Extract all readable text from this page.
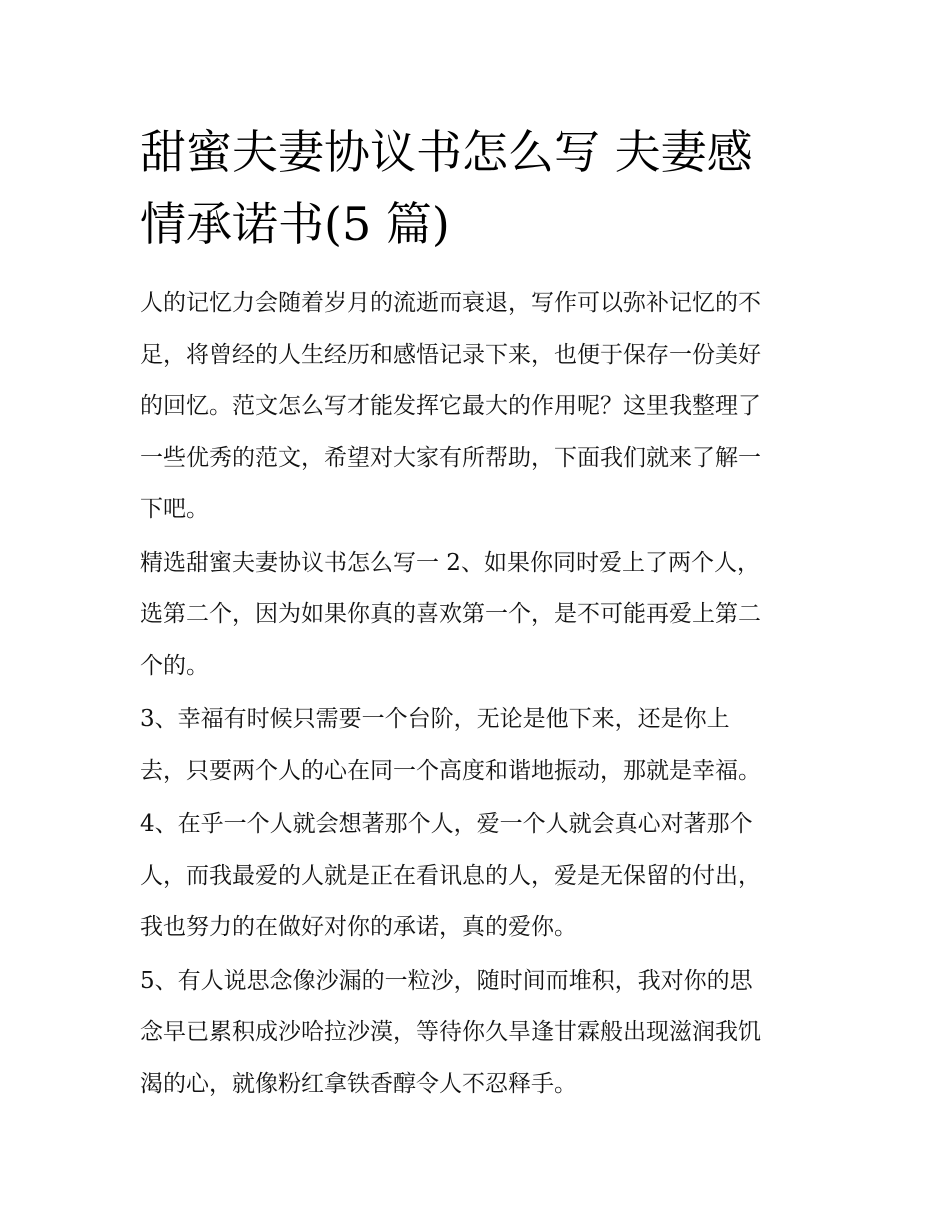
甜蜜夫妻协议书怎么写 夫妻感
情承诺书(5 篇)

人的记忆力会随着岁月的流逝而衰退，写作可以弥补记忆的不
足，将曾经的人生经历和感悟记录下来，也便于保存一份美好
的回忆。范文怎么写才能发挥它最大的作用呢？这里我整理了
一些优秀的范文，希望对大家有所帮助，下面我们就来了解一
下吧。

精选甜蜜夫妻协议书怎么写一 2、如果你同时爱上了两个人，
选第二个，因为如果你真的喜欢第一个，是不可能再爱上第二
个的。

3、幸福有时候只需要一个台阶，无论是他下来，还是你上
去，只要两个人的心在同一个高度和谐地振动，那就是幸福。

4、在乎一个人就会想著那个人，爱一个人就会真心对著那个
人，而我最爱的人就是正在看讯息的人，爱是无保留的付出，
我也努力的在做好对你的承诺，真的爱你。

5、有人说思念像沙漏的一粒沙，随时间而堆积，我对你的思
念早已累积成沙哈拉沙漠，等待你久旱逢甘霖般出现滋润我饥
渴的心，就像粉红拿铁香醇令人不忍释手。
